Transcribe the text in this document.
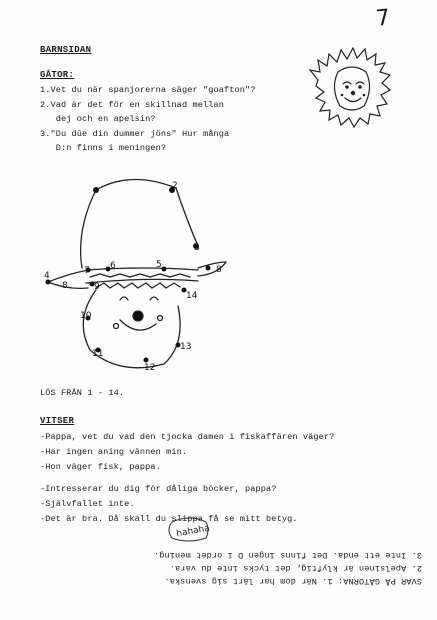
7
BARNSIDAN
GÅTOR:
1.Vet du när spanjorerna säger "goafton"?
2.Vad är det för en skillnad mellan
dej och en apelsin?
3."Du dûe din dummer jöns" Hur många
D:n finns i meningen?
2
3
4
5
6
7
8	9
10
11
12
13
14
8
LÖS FRÅN 1 - 14.
VITSER
-Pappa, vet du vad den tjocka damen i fiskaffären väger?
-Har ingen aning vännen min.
-Hon väger fisk, pappa.
-Intresserar du dig för dåliga böcker, pappa?
-Självfallet inte.
-Det är bra. Då skall du slippa få se mitt betyg.
hahaha
SVAR PÅ GÅTORNA: 1. När dom har lärt sig svenska.
2. Apelsinen är klyftig, det tycks inte du vara.
3. Inte ett enda. Det finns ingen D i ordet mening.
